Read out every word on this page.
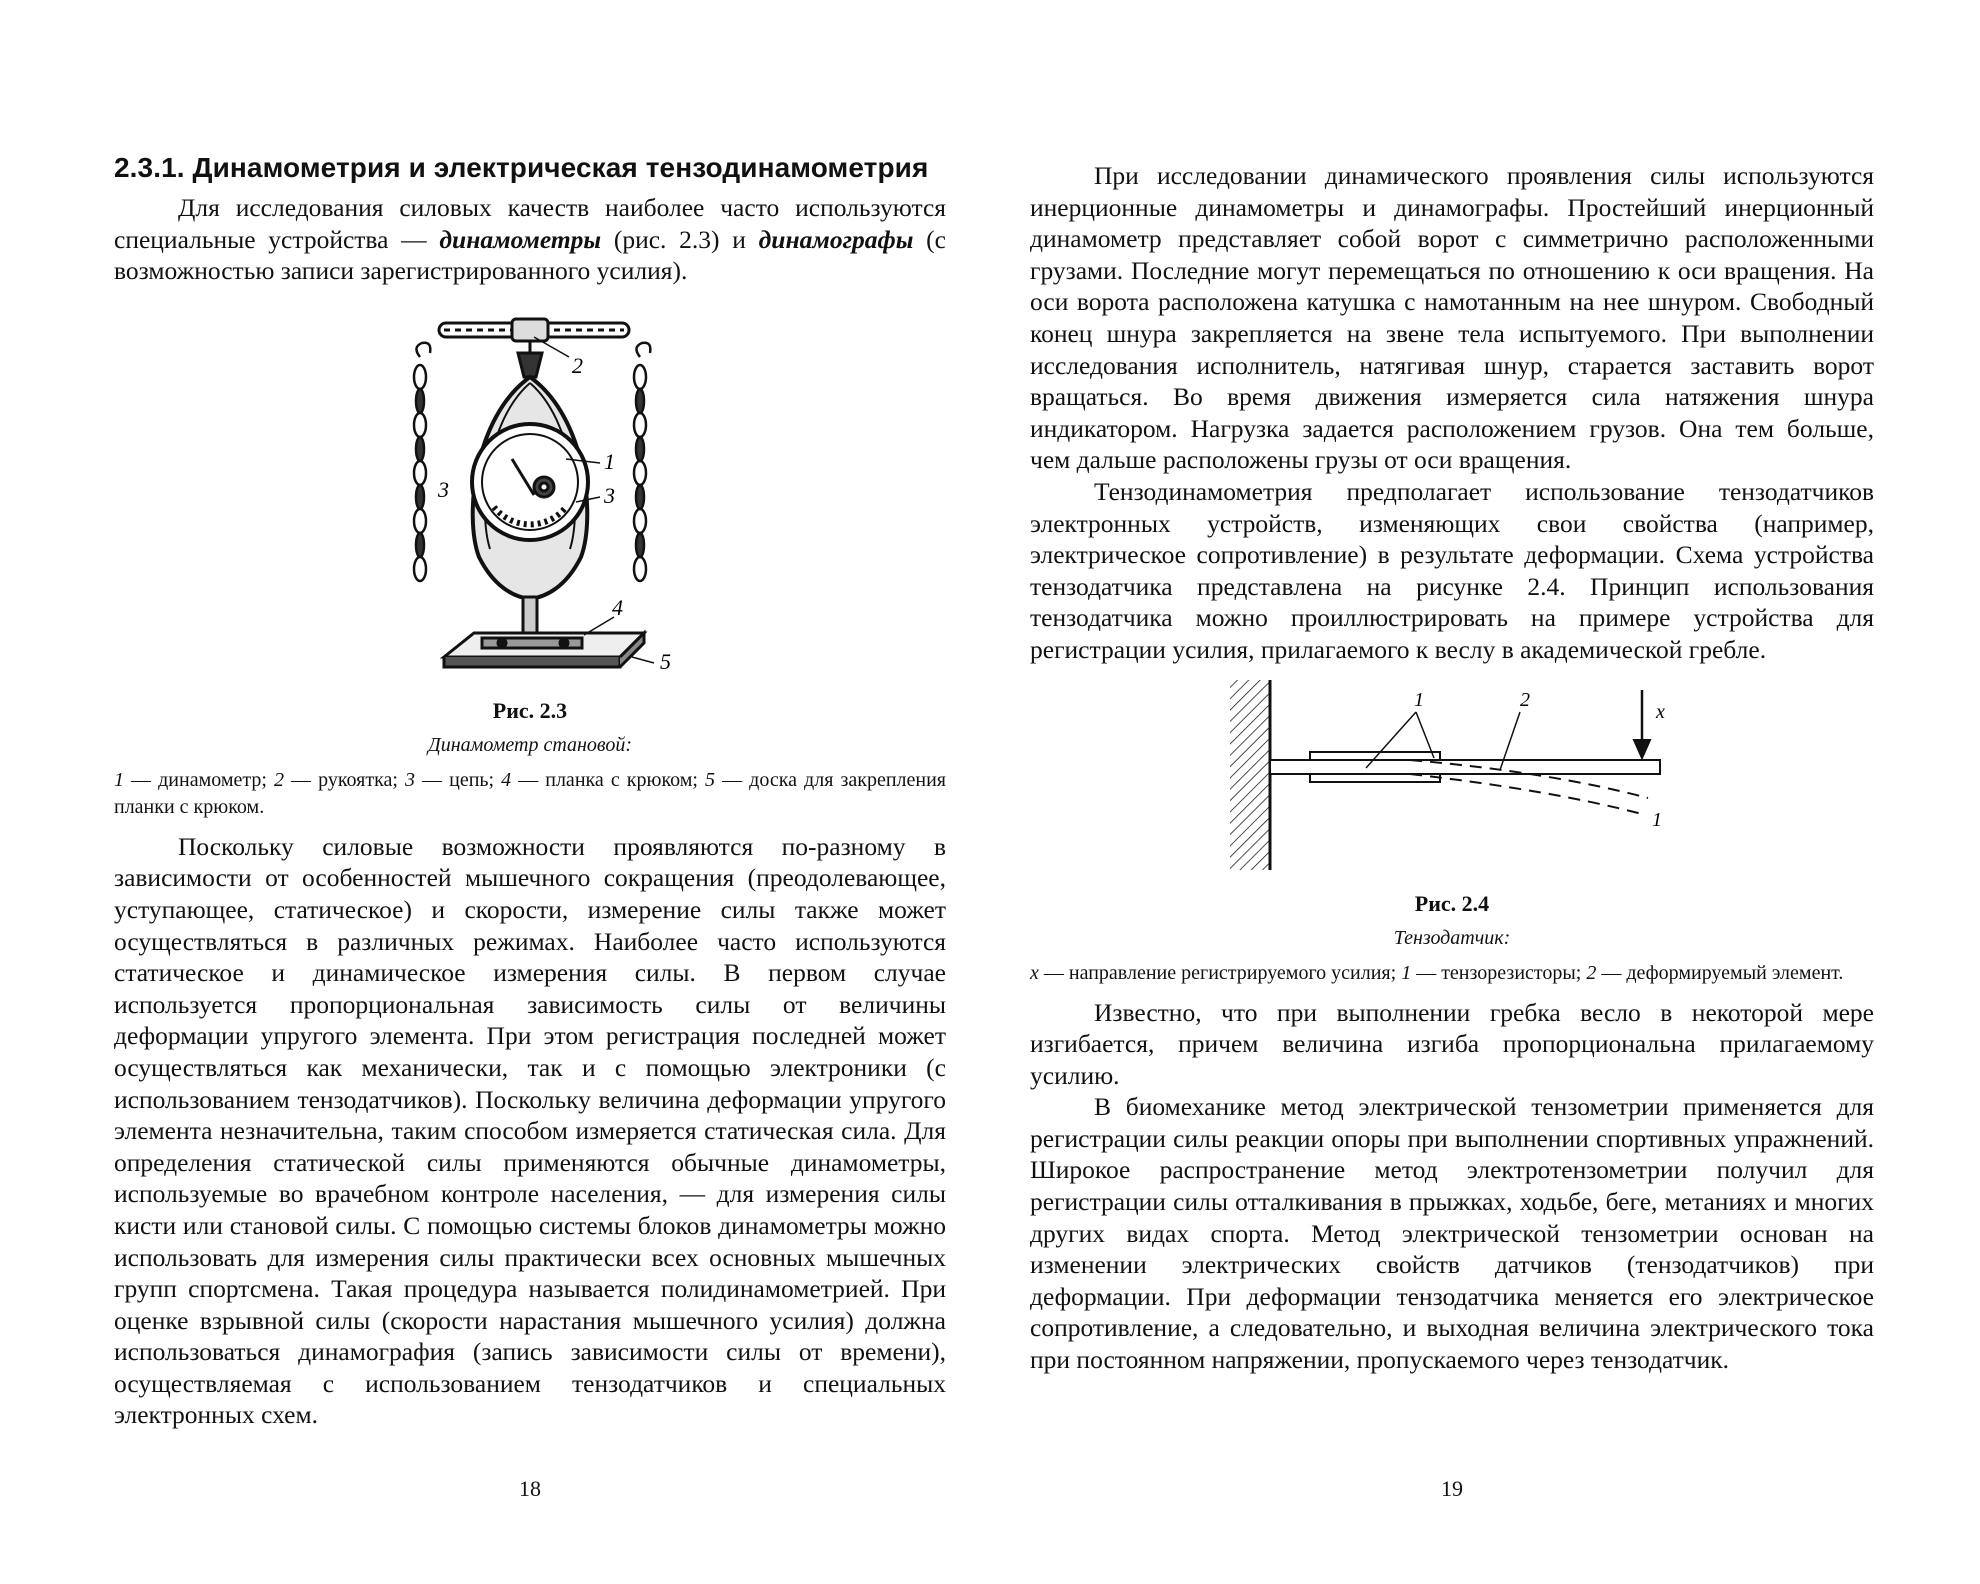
2.3.1. Динамометрия и электрическая тензодинамометрия

Для исследования силовых качеств наиболее часто используются специальные устройства — динамометры (рис. 2.3) и динамографы (с возможностью записи зарегистрированного усилия).

1
2
3	3
4
5

Рис. 2.3

Динамометр становой:

1 — динамометр; 2 — рукоятка; 3 — цепь; 4 — планка с крюком; 5 — доска для закрепления планки с крюком.

Поскольку силовые возможности проявляются по-разному в зависимости от особенностей мышечного сокращения (преодолевающее, уступающее, статическое) и скорости, измерение силы также может осуществляться в различных режимах. Наиболее часто используются статическое и динамическое измерения силы. В первом случае используется пропорциональная зависимость силы от величины деформации упругого элемента. При этом регистрация последней может осуществляться как механически, так и с помощью электроники (с использованием тензодатчиков). Поскольку величина деформации упругого элемента незначительна, таким способом измеряется статическая сила. Для определения статической силы применяются обычные динамометры, используемые во врачебном контроле населения, — для измерения силы кисти или становой силы. С помощью системы блоков динамометры можно использовать для измерения силы практически всех основных мышечных групп спортсмена. Такая процедура называется полидинамометрией. При оценке взрывной силы (скорости нарастания мышечного усилия) должна использоваться динамография (запись зависимости силы от времени), осуществляемая с использованием тензодатчиков и специальных электронных схем.

18

При исследовании динамического проявления силы используются инерционные динамометры и динамографы. Простейший инерционный динамометр представляет собой ворот с симметрично расположенными грузами. Последние могут перемещаться по отношению к оси вращения. На оси ворота расположена катушка с намотанным на нее шнуром. Свободный конец шнура закрепляется на звене тела испытуемого. При выполнении исследования исполнитель, натягивая шнур, старается заставить ворот вращаться. Во время движения измеряется сила натяжения шнура индикатором. Нагрузка задается расположением грузов. Она тем больше, чем дальше расположены грузы от оси вращения.

Тензодинамометрия предполагает использование тензодатчиков электронных устройств, изменяющих свои свойства (например, электрическое сопротивление) в результате деформации. Схема устройства тензодатчика представлена на рисунке 2.4. Принцип использования тензодатчика можно проиллюстрировать на примере устройства для регистрации усилия, прилагаемого к веслу в академической гребле.

1	2
x
1

Рис. 2.4

Тензодатчик:

x — направление регистрируемого усилия; 1 — тензорезисторы; 2 — деформируемый элемент.

Известно, что при выполнении гребка весло в некоторой мере изгибается, причем величина изгиба пропорциональна прилагаемому усилию.

В биомеханике метод электрической тензометрии применяется для регистрации силы реакции опоры при выполнении спортивных упражнений. Широкое распространение метод электротензометрии получил для регистрации силы отталкивания в прыжках, ходьбе, беге, метаниях и многих других видах спорта. Метод электрической тензометрии основан на изменении электрических свойств датчиков (тензодатчиков) при деформации. При деформации тензодатчика меняется его электрическое сопротивление, а следовательно, и выходная величина электрического тока при постоянном напряжении, пропускаемого через тензодатчик.

19
